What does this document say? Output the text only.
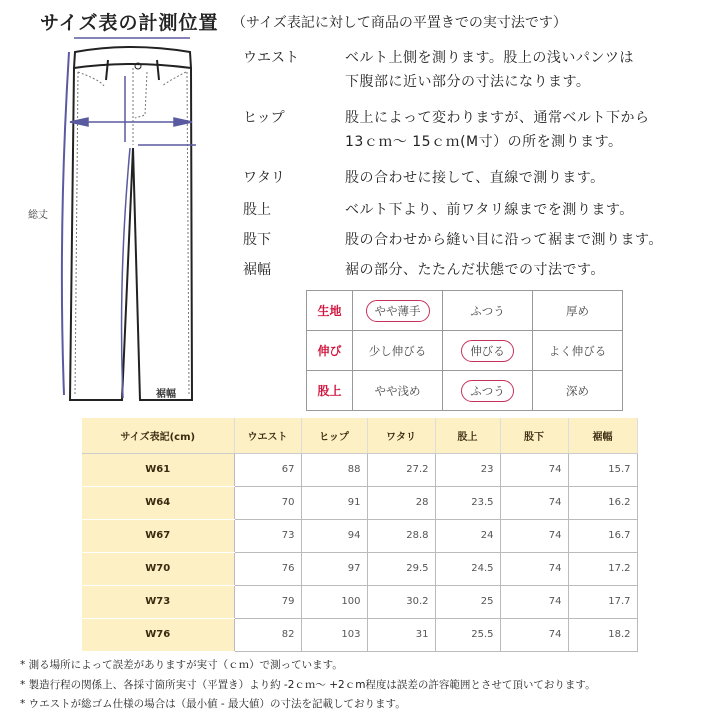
サイズ表の計測位置 （サイズ表記に対して商品の平置きでの実寸法です）
総丈
裾幅
ウエスト	ベルト上側を測ります。股上の浅いパンツは
下腹部に近い部分の寸法になります。
ヒップ	股上によって変わりますが、通常ベルト下から
13ｃｍ～ 15ｃｍ(M寸）の所を測ります。
ワタリ	股の合わせに接して、直線で測ります。
股上	ベルト下より、前ワタリ線までを測ります。
股下	股の合わせから縫い目に沿って裾まで測ります。
裾幅	裾の部分、たたんだ状態での寸法です。
生地	やや薄手	ふつう	厚め
伸び	少し伸びる	伸びる	よく伸びる
股上	やや浅め	ふつう	深め
サイズ表記(cm)	ウエスト	ヒップ	ワタリ	股上	股下	裾幅
W61	67	88	27.2	23	74	15.7
W64	70	91	28	23.5	74	16.2
W67	73	94	28.8	24	74	16.7
W70	76	97	29.5	24.5	74	17.2
W73	79	100	30.2	25	74	17.7
W76	82	103	31	25.5	74	18.2
* 測る場所によって誤差がありますが実寸（ｃｍ）で測っています。
* 製造行程の関係上、各採寸箇所実寸（平置き）より約 -2ｃｍ～ +2ｃm程度は誤差の許容範囲とさせて頂いております。
* ウエストが総ゴム仕様の場合は（最小値 - 最大値）の寸法を記載しております。
